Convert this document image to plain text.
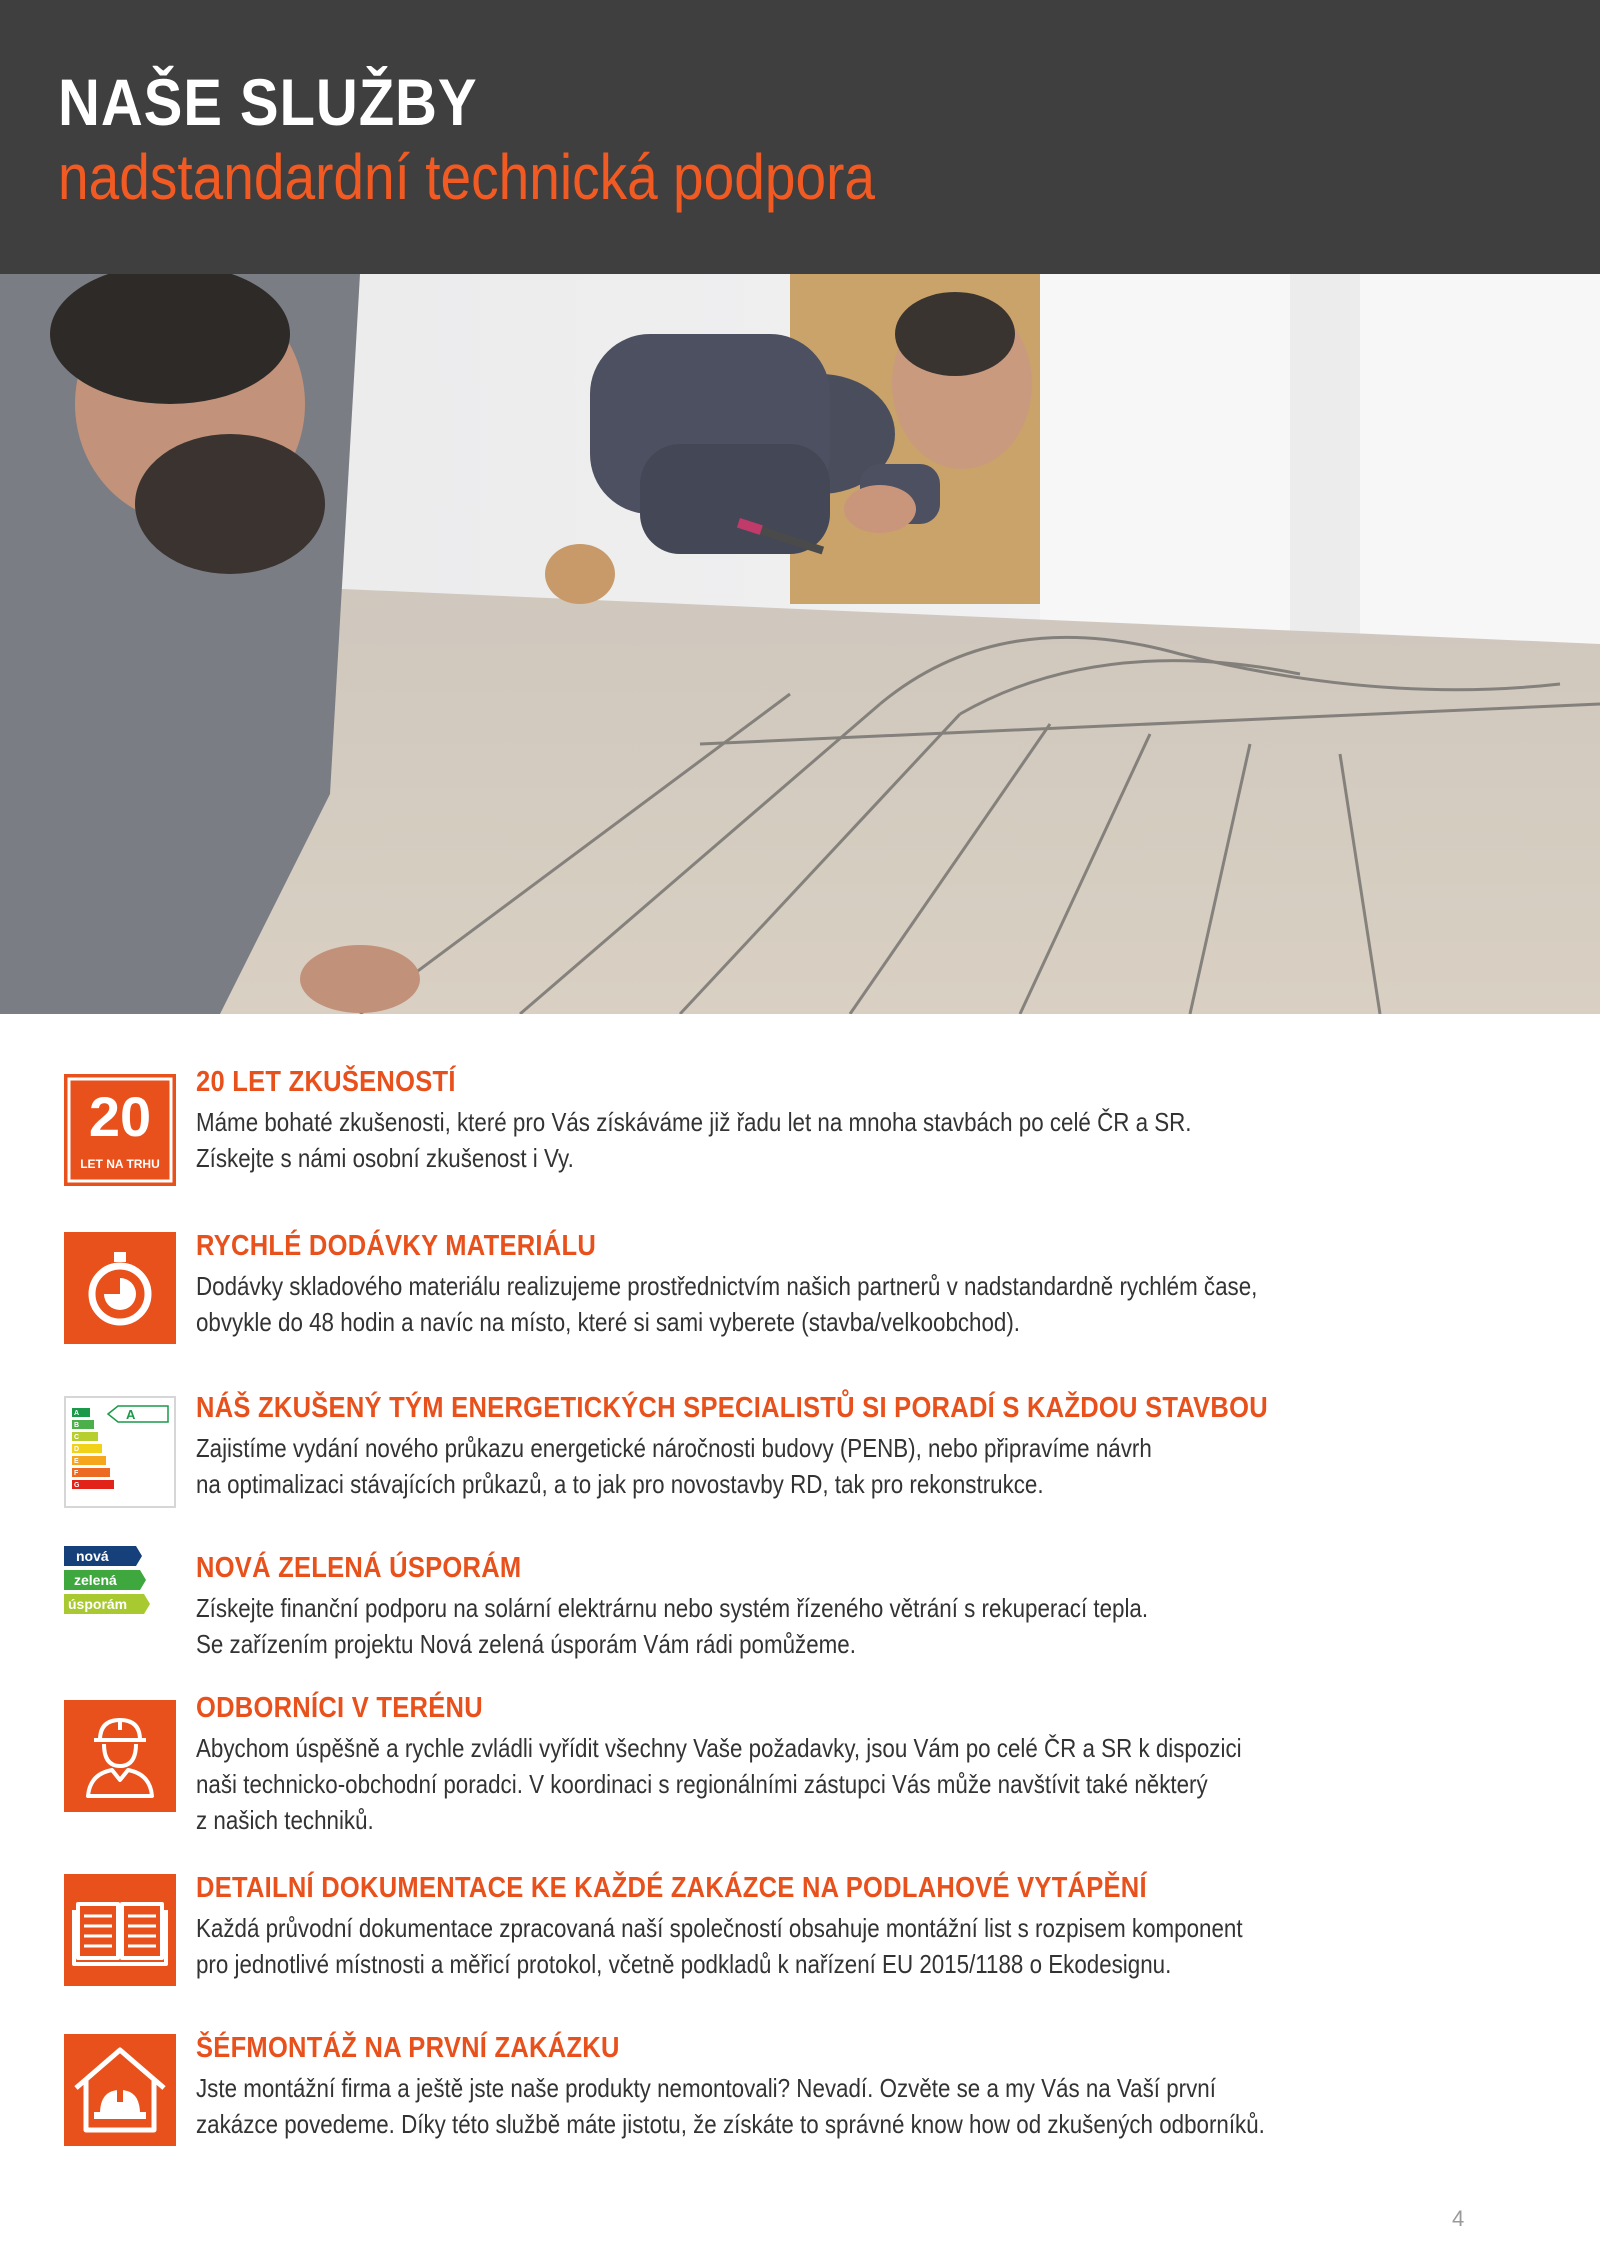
NAŠE SLUŽBY
nadstandardní technická podpora
20
LET NA TRHU
20 LET ZKUŠENOSTÍ

Máme bohaté zkušenosti, které pro Vás získáváme již řadu let na mnoha stavbách po celé ČR a SR.

Získejte s námi osobní zkušenost i Vy.

RYCHLÉ DODÁVKY MATERIÁLU

Dodávky skladového materiálu realizujeme prostřednictvím našich partnerů v nadstandardně rychlém čase,

obvykle do 48 hodin a navíc na místo, které si sami vyberete (stavba/velkoobchod).

A
B
C
D
E
F
G
A NÁŠ ZKUŠENÝ TÝM ENERGETICKÝCH SPECIALISTŮ SI PORADÍ S KAŽDOU STAVBOU

Zajistíme vydání nového průkazu energetické náročnosti budovy (PENB), nebo připravíme návrh

na optimalizaci stávajících průkazů, a to jak pro novostavby RD, tak pro rekonstrukce.

nová
zelená
úsporám
NOVÁ ZELENÁ ÚSPORÁM

Získejte finanční podporu na solární elektrárnu nebo systém řízeného větrání s rekuperací tepla.

Se zařízením projektu Nová zelená úsporám Vám rádi pomůžeme.

ODBORNÍCI V TERÉNU

Abychom úspěšně a rychle zvládli vyřídit všechny Vaše požadavky, jsou Vám po celé ČR a SR k dispozici

naši technicko-obchodní poradci. V koordinaci s regionálními zástupci Vás může navštívit také některý

z našich techniků.

DETAILNÍ DOKUMENTACE KE KAŽDÉ ZAKÁZCE NA PODLAHOVÉ VYTÁPĚNÍ

Každá průvodní dokumentace zpracovaná naší společností obsahuje montážní list s rozpisem komponent

pro jednotlivé místnosti a měřicí protokol, včetně podkladů k nařízení EU 2015/1188 o Ekodesignu.

ŠÉFMONTÁŽ NA PRVNÍ ZAKÁZKU

Jste montážní firma a ještě jste naše produkty nemontovali? Nevadí. Ozvěte se a my Vás na Vaší první

zakázce povedeme. Díky této službě máte jistotu, že získáte to správné know how od zkušených odborníků.

4
